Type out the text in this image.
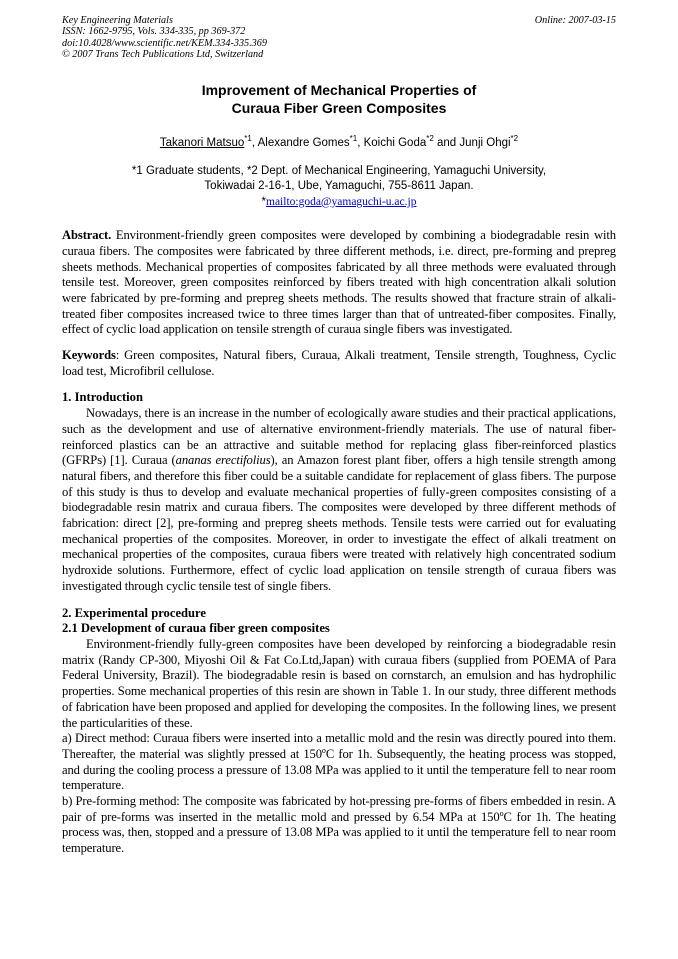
Key Engineering Materials	Online: 2007-03-15
ISSN: 1662-9795, Vols. 334-335, pp 369-372
doi:10.4028/www.scientific.net/KEM.334-335.369
© 2007 Trans Tech Publications Ltd, Switzerland
Improvement of Mechanical Properties of
Curaua Fiber Green Composites
Takanori Matsuo$^{*1}$, Alexandre Gomes$^{*1}$, Koichi Goda$^{*2}$ and Junji Ohgi$^{*2}$
*1 Graduate students, *2 Dept. of Mechanical Engineering, Yamaguchi University,
Tokiwadai 2-16-1, Ube, Yamaguchi, 755-8611 Japan.
*mailto:goda@yamaguchi-u.ac.jp
Abstract. Environment-friendly green composites were developed by combining a biodegradable resin with curaua fibers. The composites were fabricated by three different methods, i.e. direct, pre-forming and prepreg sheets methods. Mechanical properties of composites fabricated by all three methods were evaluated through tensile test. Moreover, green composites reinforced by fibers treated with high concentration alkali solution were fabricated by pre-forming and prepreg sheets methods. The results showed that fracture strain of alkali-treated fiber composites increased twice to three times larger than that of untreated-fiber composites. Finally, effect of cyclic load application on tensile strength of curaua single fibers was investigated.
Keywords: Green composites, Natural fibers, Curaua, Alkali treatment, Tensile strength, Toughness, Cyclic load test, Microfibril cellulose.
1. Introduction
Nowadays, there is an increase in the number of ecologically aware studies and their practical applications, such as the development and use of alternative environment-friendly materials. The use of natural fiber-reinforced plastics can be an attractive and suitable method for replacing glass fiber-reinforced plastics (GFRPs) [1]. Curaua (ananas erectifolius), an Amazon forest plant fiber, offers a high tensile strength among natural fibers, and therefore this fiber could be a suitable candidate for replacement of glass fibers. The purpose of this study is thus to develop and evaluate mechanical properties of fully-green composites consisting of a biodegradable resin matrix and curaua fibers. The composites were developed by three different methods of fabrication: direct [2], pre-forming and prepreg sheets methods. Tensile tests were carried out for evaluating mechanical properties of the composites. Moreover, in order to investigate the effect of alkali treatment on mechanical properties of the composites, curaua fibers were treated with relatively high concentrated sodium hydroxide solutions. Furthermore, effect of cyclic load application on tensile strength of curaua fibers was investigated through cyclic tensile test of single fibers.
2. Experimental procedure
2.1 Development of curaua fiber green composites
Environment-friendly fully-green composites have been developed by reinforcing a biodegradable resin matrix (Randy CP-300, Miyoshi Oil & Fat Co.Ltd,Japan) with curaua fibers (supplied from POEMA of Para Federal University, Brazil). The biodegradable resin is based on cornstarch, an emulsion and has hydrophilic properties. Some mechanical properties of this resin are shown in Table 1. In our study, three different methods of fabrication have been proposed and applied for developing the composites. In the following lines, we present the particularities of these.
a) Direct method: Curaua fibers were inserted into a metallic mold and the resin was directly poured into them. Thereafter, the material was slightly pressed at 150$^o$C for 1h. Subsequently, the heating process was stopped, and during the cooling process a pressure of 13.08 MPa was applied to it until the temperature fell to near room temperature.
b) Pre-forming method: The composite was fabricated by hot-pressing pre-forms of fibers embedded in resin. A pair of pre-forms was inserted in the metallic mold and pressed by 6.54 MPa at 150$^o$C for 1h. The heating process was, then, stopped and a pressure of 13.08 MPa was applied to it until the temperature fell to near room temperature.
